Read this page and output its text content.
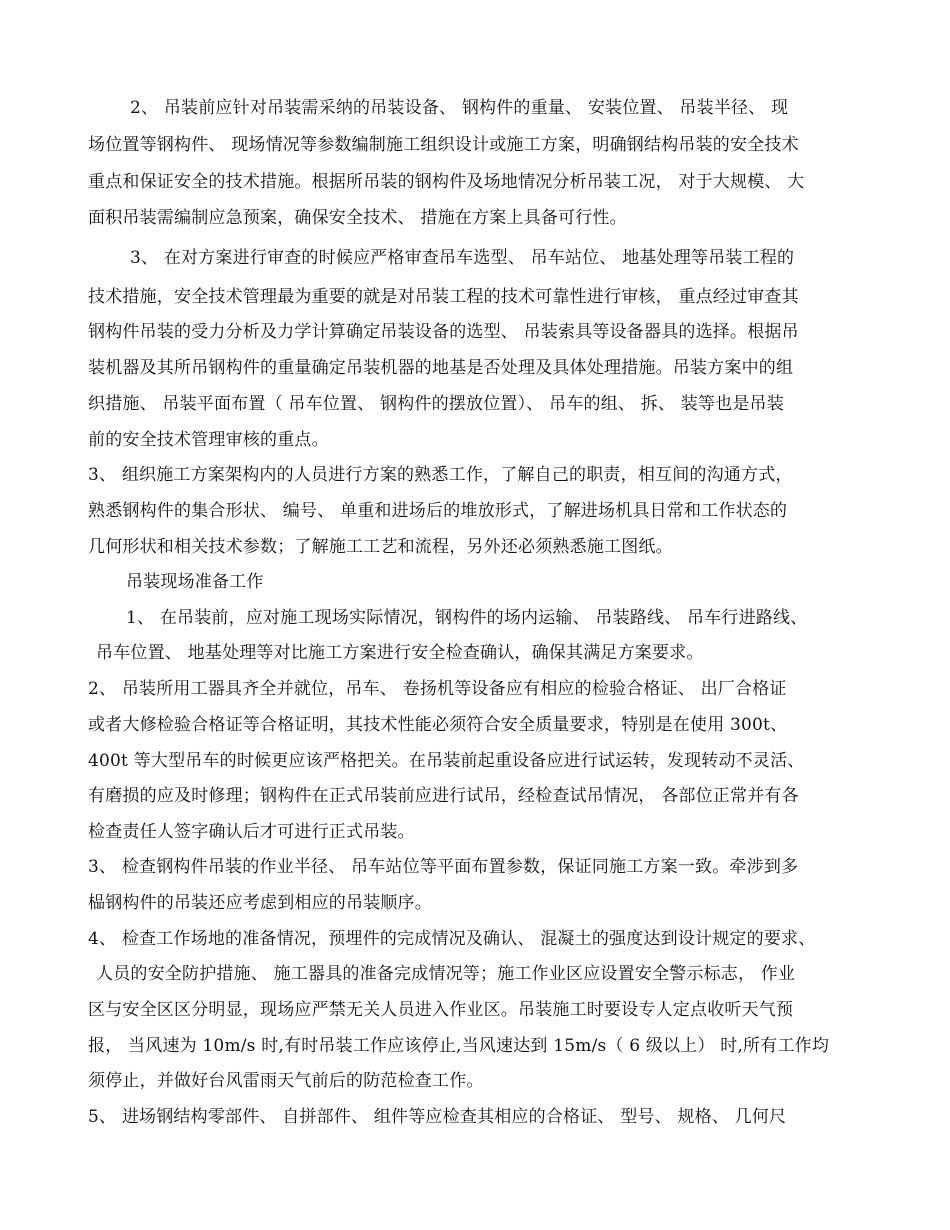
2、 吊装前应针对吊装需采纳的吊装设备、 钢构件的重量、 安装位置、 吊装半径、 现
场位置等钢构件、 现场情况等参数编制施工组织设计或施工方案，明确钢结构吊装的安全技术
重点和保证安全的技术措施。根据所吊装的钢构件及场地情况分析吊装工况， 对于大规模、 大
面积吊装需编制应急预案，确保安全技术、 措施在方案上具备可行性。
3、 在对方案进行审查的时候应严格审查吊车选型、 吊车站位、 地基处理等吊装工程的
技术措施，安全技术管理最为重要的就是对吊装工程的技术可靠性进行审核， 重点经过审查其
钢构件吊装的受力分析及力学计算确定吊装设备的选型、 吊装索具等设备器具的选择。根据吊
装机器及其所吊钢构件的重量确定吊装机器的地基是否处理及具体处理措施。吊装方案中的组
织措施、 吊装平面布置（ 吊车位置、 钢构件的摆放位置）、 吊车的组、 拆、 装等也是吊装
前的安全技术管理审核的重点。
3、 组织施工方案架构内的人员进行方案的熟悉工作，了解自己的职责，相互间的沟通方式，
熟悉钢构件的集合形状、 编号、 单重和进场后的堆放形式，了解进场机具日常和工作状态的
几何形状和相关技术参数；了解施工工艺和流程，另外还必须熟悉施工图纸。
吊装现场准备工作
1、 在吊装前，应对施工现场实际情况，钢构件的场内运输、 吊装路线、 吊车行进路线、
吊车位置、 地基处理等对比施工方案进行安全检查确认，确保其满足方案要求。
2、 吊装所用工器具齐全并就位，吊车、 卷扬机等设备应有相应的检验合格证、 出厂合格证
或者大修检验合格证等合格证明，其技术性能必须符合安全质量要求，特别是在使用 300t、
400t 等大型吊车的时候更应该严格把关。在吊装前起重设备应进行试运转，发现转动不灵活、
有磨损的应及时修理；钢构件在正式吊装前应进行试吊，经检查试吊情况， 各部位正常并有各
检查责任人签字确认后才可进行正式吊装。
3、 检查钢构件吊装的作业半径、 吊车站位等平面布置参数，保证同施工方案一致。牵涉到多
榀钢构件的吊装还应考虑到相应的吊装顺序。
4、 检查工作场地的准备情况，预埋件的完成情况及确认、 混凝土的强度达到设计规定的要求、
人员的安全防护措施、 施工器具的准备完成情况等；施工作业区应设置安全警示标志， 作业
区与安全区区分明显，现场应严禁无关人员进入作业区。吊装施工时要设专人定点收听天气预
报， 当风速为 10m/s 时,有时吊装工作应该停止,当风速达到 15m/s（ 6 级以上） 时,所有工作均
须停止，并做好台风雷雨天气前后的防范检查工作。
5、 进场钢结构零部件、 自拼部件、 组件等应检查其相应的合格证、 型号、 规格、 几何尺
